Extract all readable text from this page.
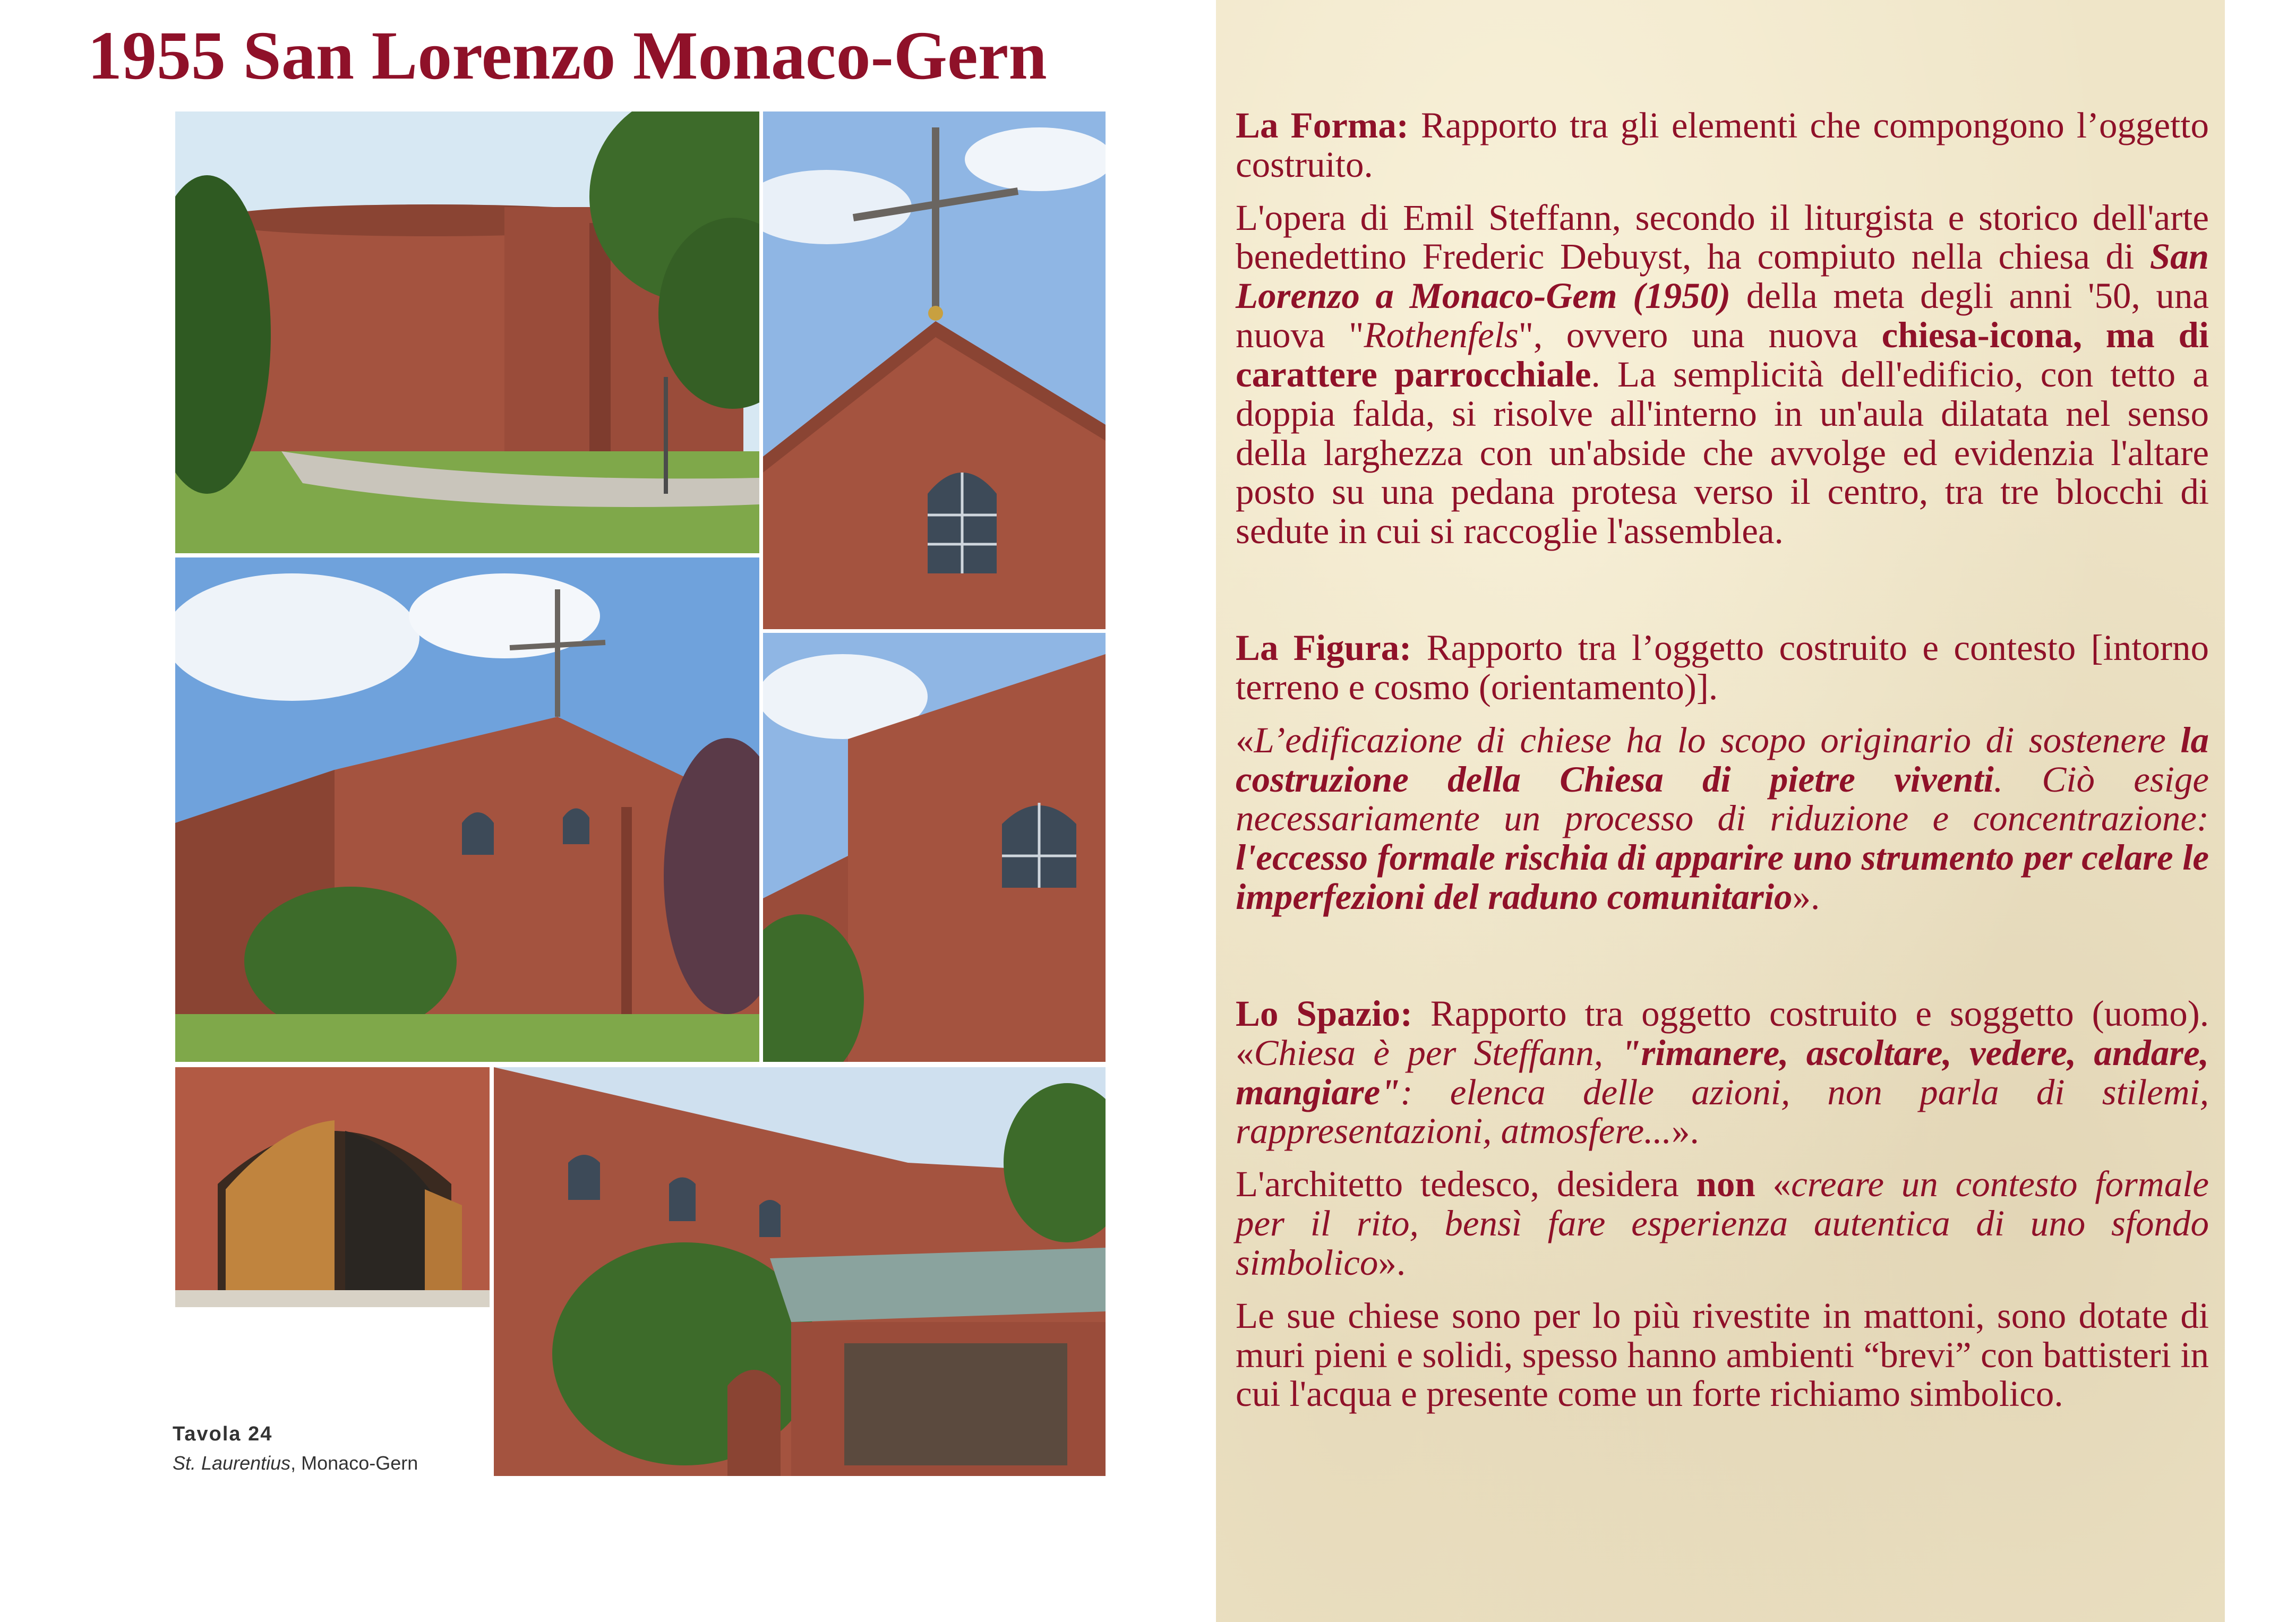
1955 San Lorenzo Monaco-Gern
Tavola 24
St. Laurentius, Monaco-Gern

La Forma: Rapporto tra gli elementi che compongono l’oggetto costruito.

L'opera di Emil Steffann, secondo il liturgista e storico dell'arte benedettino Frederic Debuyst, ha compiuto nella chiesa di San Lorenzo a Monaco-Gem (1950) della meta degli anni '50, una nuova "Rothenfels", ovvero una nuova chiesa-icona, ma di carattere parrocchiale. La semplicità dell'edificio, con tetto a doppia falda, si risolve all'interno in un'aula dilatata nel senso della larghezza con un'abside che avvolge ed evidenzia l'altare posto su una pedana protesa verso il centro, tra tre blocchi di sedute in cui si raccoglie l'assemblea.

La Figura: Rapporto tra l’oggetto costruito e contesto [intorno terreno e cosmo (orientamento)].

«L’edificazione di chiese ha lo scopo originario di sostenere la costruzione della Chiesa di pietre viventi. Ciò esige necessariamente un processo di riduzione e concentrazione: l'eccesso formale rischia di apparire uno strumento per celare le imperfezioni del raduno comunitario».

Lo Spazio: Rapporto tra oggetto costruito e soggetto (uomo). «Chiesa è per Steffann, "rimanere, ascoltare, vedere, andare, mangiare": elenca delle azioni, non parla di stilemi, rappresentazioni, atmosfere...».

L'architetto tedesco, desidera non «creare un contesto formale per il rito, bensì fare esperienza autentica di uno sfondo simbolico».

Le sue chiese sono per lo più rivestite in mattoni, sono dotate di muri pieni e solidi, spesso hanno ambienti “brevi” con battisteri in cui l'acqua e presente come un forte richiamo simbolico.
